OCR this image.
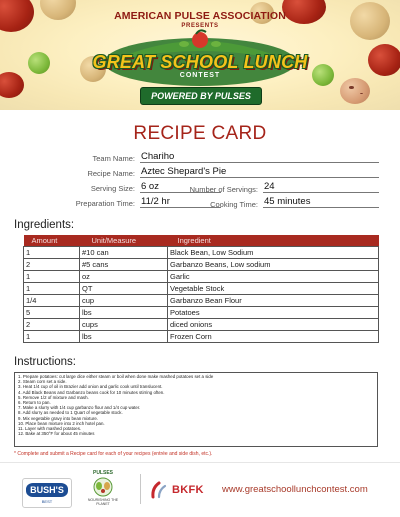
AMERICAN PULSE ASSOCIATION
PRESENTS
GREAT SCHOOL LUNCH
CONTEST
POWERED BY PULSES
RECIPE CARD
Team Name: Chariho
Recipe Name: Aztec Shepard's Pie
Serving Size: 6 oz	Number of Servings: 24
Preparation Time: 11/2 hr	Cooking Time: 45 minutes
Ingredients:
Amount	Unit/Measure	Ingredient
1	#10 can	Black Bean, Low Sodium
2	#5 cans	Garbanzo Beans, Low sodium
1	oz	Garlic
1	QT	Vegetable Stock
1/4	cup	Garbanzo Bean Flour
5	lbs	Potatoes
2	cups	diced onions
1	lbs	Frozen Corn
Instructions:
1. Prepare potatoes: cut large dice either steam or boil when done make mashed potatoes set a side
2. Steam corn set a side.
3. Heat 1/4 cup of oil in Brazier add onion and garlic cook until translucent.
4. Add Black Beans and Garbanzo beans cook for 10 minutes stirring often.
5. Remove 1/2 of mixture and mash.
6. Return to pan.
7. Make a slurry with 1/4 cup garbanzo flour and 1/4 cup water.
8. Add slurry as needed to 1 Quart of vegetable stock.
9. Mix vegetable gravy into bean mixture.
10. Place bean mixture into 2 inch hotel pan.
11. Layer with mashed potatoes.
12. Bake at 350°F for about 45 minutes
* Complete and submit a Recipe card for each of your recipes (entrée and side dish, etc.).
BUSH'S
BEST
PULSES
NOURISHING THE PLANET
BKFK www.greatschoollunchcontest.com
